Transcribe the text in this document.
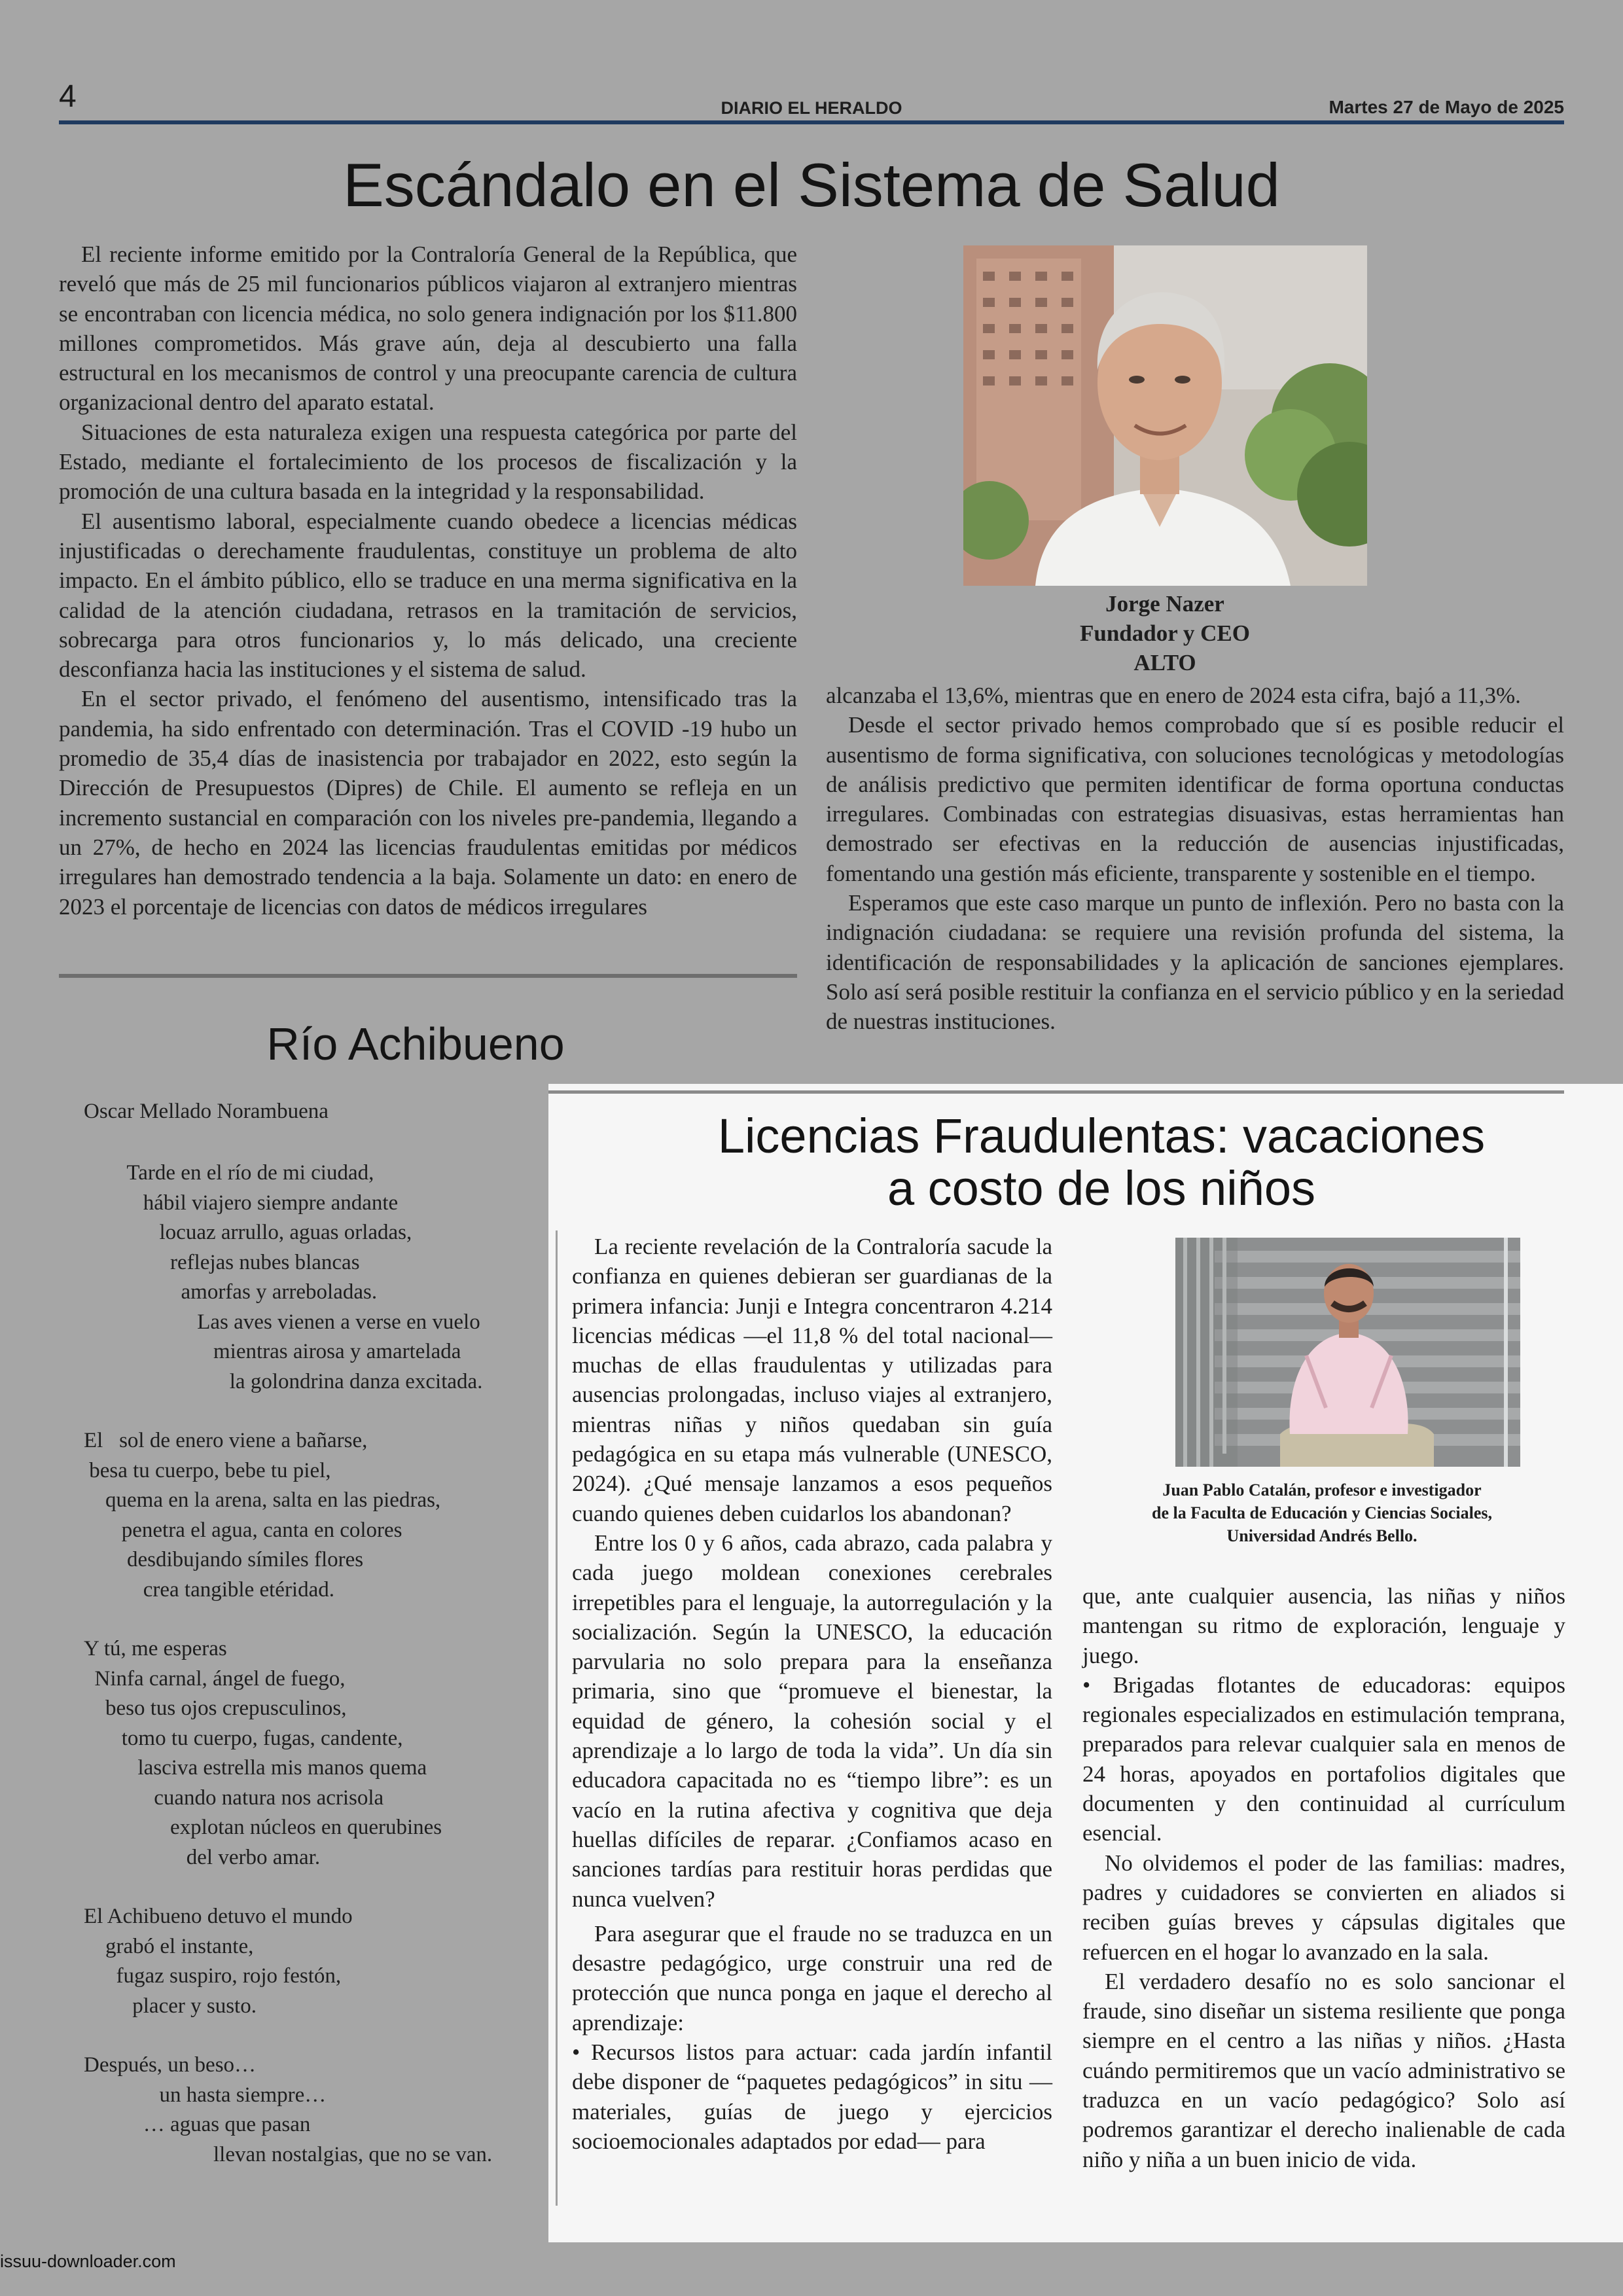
4	DIARIO EL HERALDO	Martes 27 de Mayo de 2025
Escándalo en el Sistema de Salud

El reciente informe emitido por la Contraloría General de la República, que reveló que más de 25 mil funcionarios públicos viajaron al extranjero mientras se encontraban con licencia médica, no solo genera indignación por los $11.800 millones comprometidos. Más grave aún, deja al descubierto una falla estructural en los mecanismos de control y una preocupante carencia de cultura organizacional dentro del aparato estatal.

Situaciones de esta naturaleza exigen una respuesta categórica por parte del Estado, mediante el fortalecimiento de los procesos de fiscalización y la promoción de una cultura basada en la integridad y la responsabilidad.

El ausentismo laboral, especialmente cuando obedece a licencias médicas injustificadas o derechamente fraudulentas, constituye un problema de alto impacto. En el ámbito público, ello se traduce en una merma significativa en la calidad de la atención ciudadana, retrasos en la tramitación de servicios, sobrecarga para otros funcionarios y, lo más delicado, una creciente desconfianza hacia las instituciones y el sistema de salud.

En el sector privado, el fenómeno del ausentismo, intensificado tras la pandemia, ha sido enfrentado con determinación. Tras el COVID -19 hubo un promedio de 35,4 días de inasistencia por trabajador en 2022, esto según la Dirección de Presupuestos (Dipres) de Chile. El aumento se refleja en un incremento sustancial en comparación con los niveles pre-pandemia, llegando a un 27%, de hecho en 2024 las licencias fraudulentas emitidas por médicos irregulares han demostrado tendencia a la baja. Solamente un dato: en enero de 2023 el porcentaje de licencias con datos de médicos irregulares

Jorge Nazer
Fundador y CEO
ALTO

alcanzaba el 13,6%, mientras que en enero de 2024 esta cifra, bajó a 11,3%.

Desde el sector privado hemos comprobado que sí es posible reducir el ausentismo de forma significativa, con soluciones tecnológicas y metodologías de análisis predictivo que permiten identificar de forma oportuna conductas irregulares. Combinadas con estrategias disuasivas, estas herramientas han demostrado ser efectivas en la reducción de ausencias injustificadas, fomentando una gestión más eficiente, transparente y sostenible en el tiempo.

Esperamos que este caso marque un punto de inflexión. Pero no basta con la indignación ciudadana: se requiere una revisión profunda del sistema, la identificación de responsabilidades y la aplicación de sanciones ejemplares. Solo así será posible restituir la confianza en el servicio público y en la seriedad de nuestras instituciones.

Río Achibueno
Oscar Mellado Norambuena
Tarde en el río de mi ciudad,
hábil viajero siempre andante
locuaz arrullo, aguas orladas,
reflejas nubes blancas
amorfas y arreboladas.
Las aves vienen a verse en vuelo
mientras airosa y amartelada
la golondrina danza excitada.
El   sol de enero viene a bañarse,
besa tu cuerpo, bebe tu piel,
quema en la arena, salta en las piedras,
penetra el agua, canta en colores
desdibujando símiles flores
crea tangible etéridad.
Y tú, me esperas
Ninfa carnal, ángel de fuego,
beso tus ojos crepusculinos,
tomo tu cuerpo, fugas, candente,
lasciva estrella mis manos quema
cuando natura nos acrisola
explotan núcleos en querubines
del verbo amar.
El Achibueno detuvo el mundo
grabó el instante,
fugaz suspiro, rojo festón,
placer y susto.
Después, un beso…
un hasta siempre…
… aguas que pasan
llevan nostalgias, que no se van.
Licencias Fraudulentas: vacaciones
a costo de los niños

La reciente revelación de la Contraloría sacude la confianza en quienes debieran ser guardianas de la primera infancia: Junji e Integra concentraron 4.214 licencias médicas —el 11,8 % del total nacional— muchas de ellas fraudulentas y utilizadas para ausencias prolongadas, incluso viajes al extranjero, mientras niñas y niños quedaban sin guía pedagógica en su etapa más vulnerable (UNESCO, 2024). ¿Qué mensaje lanzamos a esos pequeños cuando quienes deben cuidarlos los abandonan?

Entre los 0 y 6 años, cada abrazo, cada palabra y cada juego moldean conexiones cerebrales irrepetibles para el lenguaje, la autorregulación y la socialización. Según la UNESCO, la educación parvularia no solo prepara para la enseñanza primaria, sino que “promueve el bienestar, la equidad de género, la cohesión social y el aprendizaje a lo largo de toda la vida”. Un día sin educadora capacitada no es “tiempo libre”: es un vacío en la rutina afectiva y cognitiva que deja huellas difíciles de reparar. ¿Confiamos acaso en sanciones tardías para restituir horas perdidas que nunca vuelven?

Para asegurar que el fraude no se traduzca en un desastre pedagógico, urge construir una red de protección que nunca ponga en jaque el derecho al aprendizaje:

• Recursos listos para actuar: cada jardín infantil debe disponer de “paquetes pedagógicos” in situ —materiales, guías de juego y ejercicios socioemocionales adaptados por edad— para

Juan Pablo Catalán, profesor e investigador
de la Facultа de Educación y Ciencias Sociales,
Universidad Andrés Bello.

que, ante cualquier ausencia, las niñas y niños mantengan su ritmo de exploración, lenguaje y juego.

• Brigadas flotantes de educadoras: equipos regionales especializados en estimulación temprana, preparados para relevar cualquier sala en menos de 24 horas, apoyados en portafolios digitales que documenten y den continuidad al currículum esencial.

No olvidemos el poder de las familias: madres, padres y cuidadores se convierten en aliados si reciben guías breves y cápsulas digitales que refuercen en el hogar lo avanzado en la sala.

El verdadero desafío no es solo sancionar el fraude, sino diseñar un sistema resiliente que ponga siempre en el centro a las niñas y niños. ¿Hasta cuándo permitiremos que un vacío administrativo se traduzca en un vacío pedagógico? Solo así podremos garantizar el derecho inalienable de cada niño y niña a un buen inicio de vida.

issuu-downloader.com
